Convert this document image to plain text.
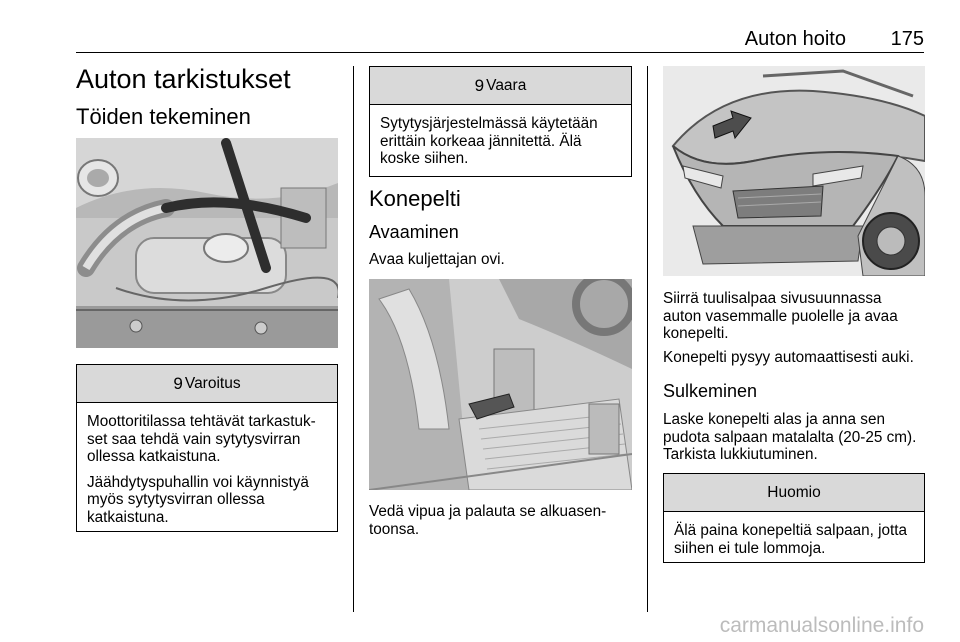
Auton hoito 175
Auton tarkistukset
Töiden tekeminen
9 Varoitus

Moottoritilassa tehtävät tarkastuk-
set saa tehdä vain sytytysvirran
ollessa katkaistuna.

Jäähdytyspuhallin voi käynnistyä
myös sytytysvirran ollessa
katkaistuna.

9 Vaara

Sytytysjärjestelmässä käytetään
erittäin korkeaa jännitettä. Älä
koske siihen.

Konepelti
Avaaminen
Avaa kuljettajan ovi.
Vedä vipua ja palauta se alkuasen-
toonsa.
Siirrä tuulisalpaa sivusuunnassa
auton vasemmalle puolelle ja avaa
konepelti.
Konepelti pysyy automaattisesti auki.
Sulkeminen
Laske konepelti alas ja anna sen
pudota salpaan matalalta (20-25 cm).
Tarkista lukkiutuminen.
Huomio

Älä paina konepeltiä salpaan, jotta
siihen ei tule lommoja.

carmanualsonline.info
